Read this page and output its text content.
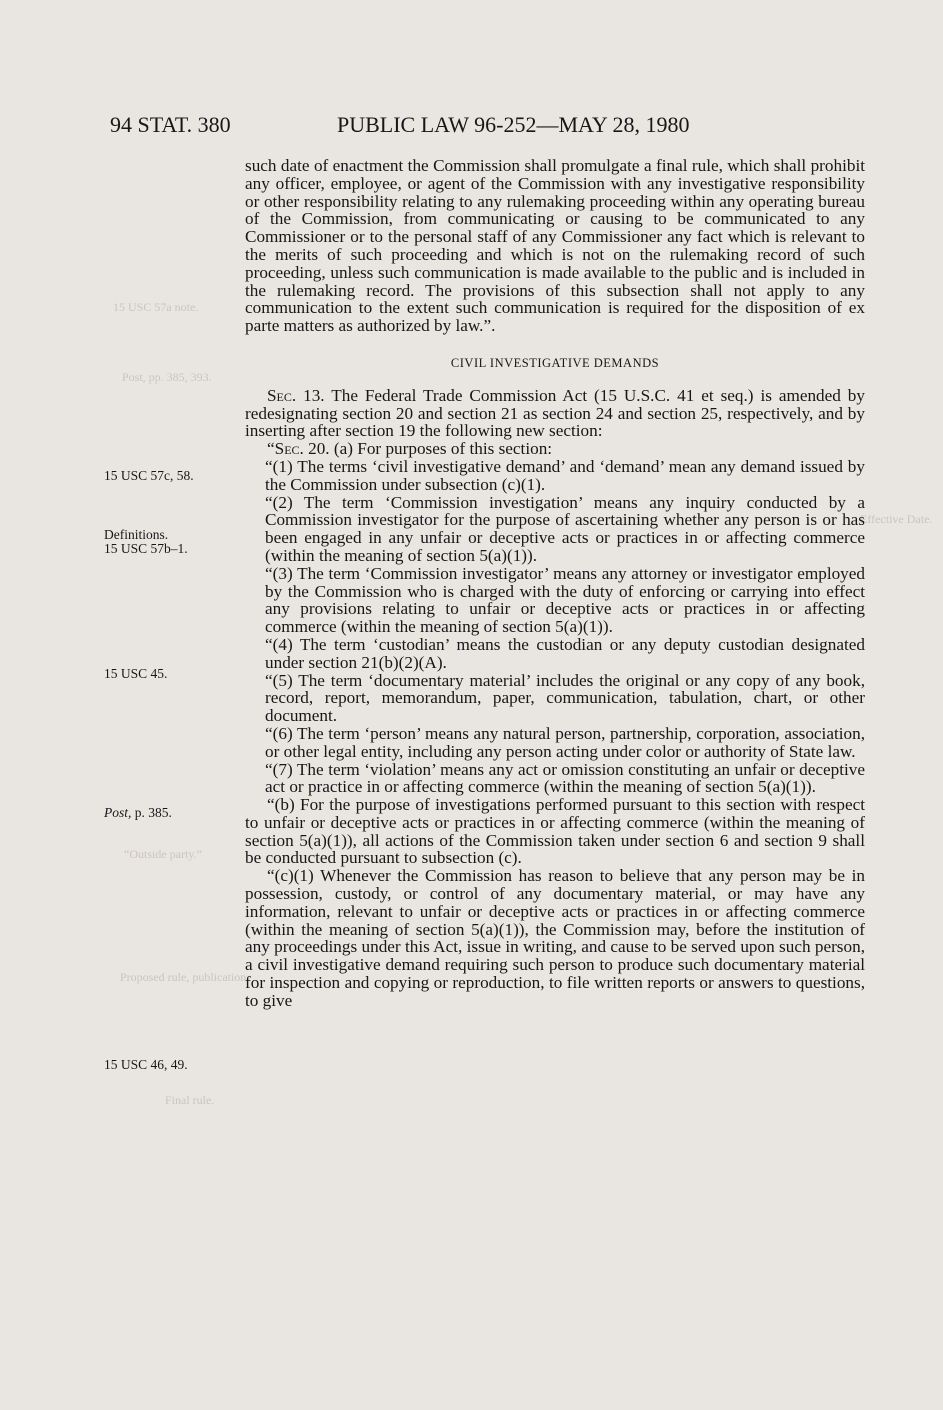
15 USC 57a note.
Post, pp. 385, 393.
Effective Date.
“Outside party.”
Proposed rule, publication.
Final rule.
94 STAT. 380	PUBLIC LAW 96-252—MAY 28, 1980
15 USC 57c, 58.
Definitions.
15 USC 57b–1.
15 USC 45.
Post, p. 385.
15 USC 46, 49.

such date of enactment the Commission shall promulgate a final rule, which shall prohibit any officer, employee, or agent of the Commission with any investigative responsibility or other responsibility relating to any rulemaking proceeding within any operating bureau of the Commission, from communicating or causing to be communicated to any Commissioner or to the personal staff of any Commissioner any fact which is relevant to the merits of such proceeding and which is not on the rulemaking record of such proceeding, unless such communication is made available to the public and is included in the rulemaking record. The provisions of this subsection shall not apply to any communication to the extent such communication is required for the disposition of ex parte matters as authorized by law.”.

CIVIL INVESTIGATIVE DEMANDS

Sec. 13. The Federal Trade Commission Act (15 U.S.C. 41 et seq.) is amended by redesignating section 20 and section 21 as section 24 and section 25, respectively, and by inserting after section 19 the following new section:

“Sec. 20. (a) For purposes of this section:

“(1) The terms ‘civil investigative demand’ and ‘demand’ mean any demand issued by the Commission under subsection (c)(1).

“(2) The term ‘Commission investigation’ means any inquiry conducted by a Commission investigator for the purpose of ascertaining whether any person is or has been engaged in any unfair or deceptive acts or practices in or affecting commerce (within the meaning of section 5(a)(1)).

“(3) The term ‘Commission investigator’ means any attorney or investigator employed by the Commission who is charged with the duty of enforcing or carrying into effect any provisions relating to unfair or deceptive acts or practices in or affecting commerce (within the meaning of section 5(a)(1)).

“(4) The term ‘custodian’ means the custodian or any deputy custodian designated under section 21(b)(2)(A).

“(5) The term ‘documentary material’ includes the original or any copy of any book, record, report, memorandum, paper, communication, tabulation, chart, or other document.

“(6) The term ‘person’ means any natural person, partnership, corporation, association, or other legal entity, including any person acting under color or authority of State law.

“(7) The term ‘violation’ means any act or omission constituting an unfair or deceptive act or practice in or affecting commerce (within the meaning of section 5(a)(1)).

“(b) For the purpose of investigations performed pursuant to this section with respect to unfair or deceptive acts or practices in or affecting commerce (within the meaning of section 5(a)(1)), all actions of the Commission taken under section 6 and section 9 shall be conducted pursuant to subsection (c).

“(c)(1) Whenever the Commission has reason to believe that any person may be in possession, custody, or control of any documentary material, or may have any information, relevant to unfair or deceptive acts or practices in or affecting commerce (within the meaning of section 5(a)(1)), the Commission may, before the institution of any proceedings under this Act, issue in writing, and cause to be served upon such person, a civil investigative demand requiring such person to produce such documentary material for inspection and copying or reproduction, to file written reports or answers to questions, to give
